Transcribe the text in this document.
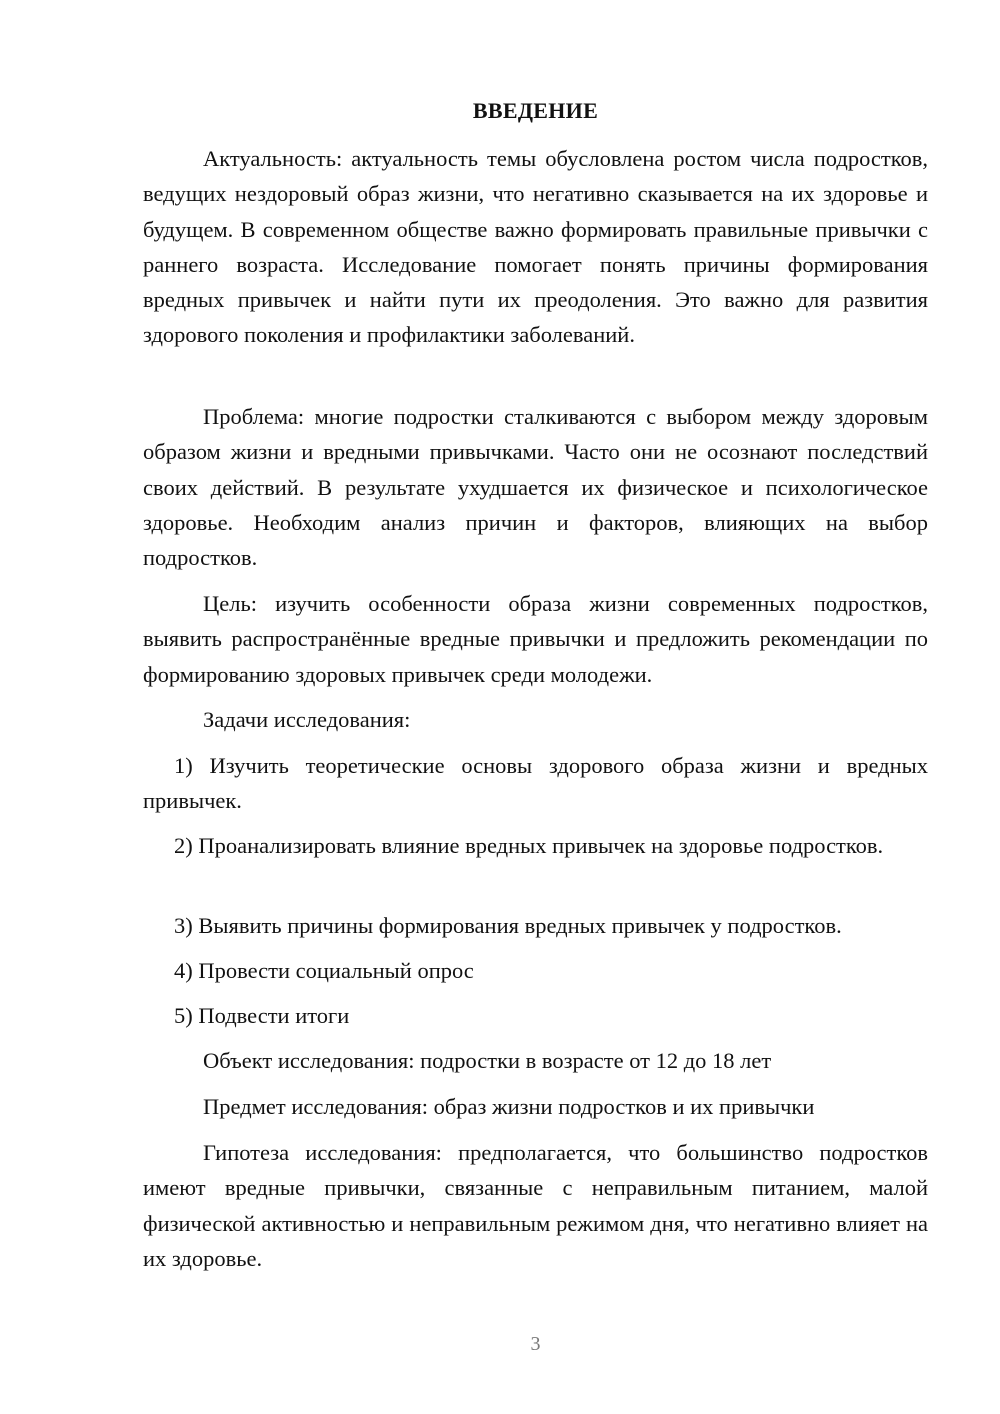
ВВЕДЕНИЕ

Актуальность: актуальность темы обусловлена ростом числа подростков, ведущих нездоровый образ жизни, что негативно сказывается на их здоровье и будущем. В современном обществе важно формировать правильные привычки с раннего возраста. Исследование помогает понять причины формирования вредных привычек и найти пути их преодоления. Это важно для развития здорового поколения и профилактики заболеваний.

Проблема: многие подростки сталкиваются с выбором между здоровым образом жизни и вредными привычками. Часто они не осознают последствий своих действий. В результате ухудшается их физическое и психологическое здоровье. Необходим анализ причин и факторов, влияющих на выбор подростков.

Цель: изучить особенности образа жизни современных подростков, выявить распространённые вредные привычки и предложить рекомендации по формированию здоровых привычек среди молодежи.

Задачи исследования:

1) Изучить теоретические основы здорового образа жизни и вредных привычек.

2) Проанализировать влияние вредных привычек на здоровье подростков.

3) Выявить причины формирования вредных привычек у подростков.

4) Провести социальный опрос

5) Подвести итоги

Объект исследования: подростки в возрасте от 12 до 18 лет

Предмет исследования: образ жизни подростков и их привычки

Гипотеза исследования: предполагается, что большинство подростков имеют вредные привычки, связанные с неправильным питанием, малой физической активностью и неправильным режимом дня, что негативно влияет на их здоровье.

3
